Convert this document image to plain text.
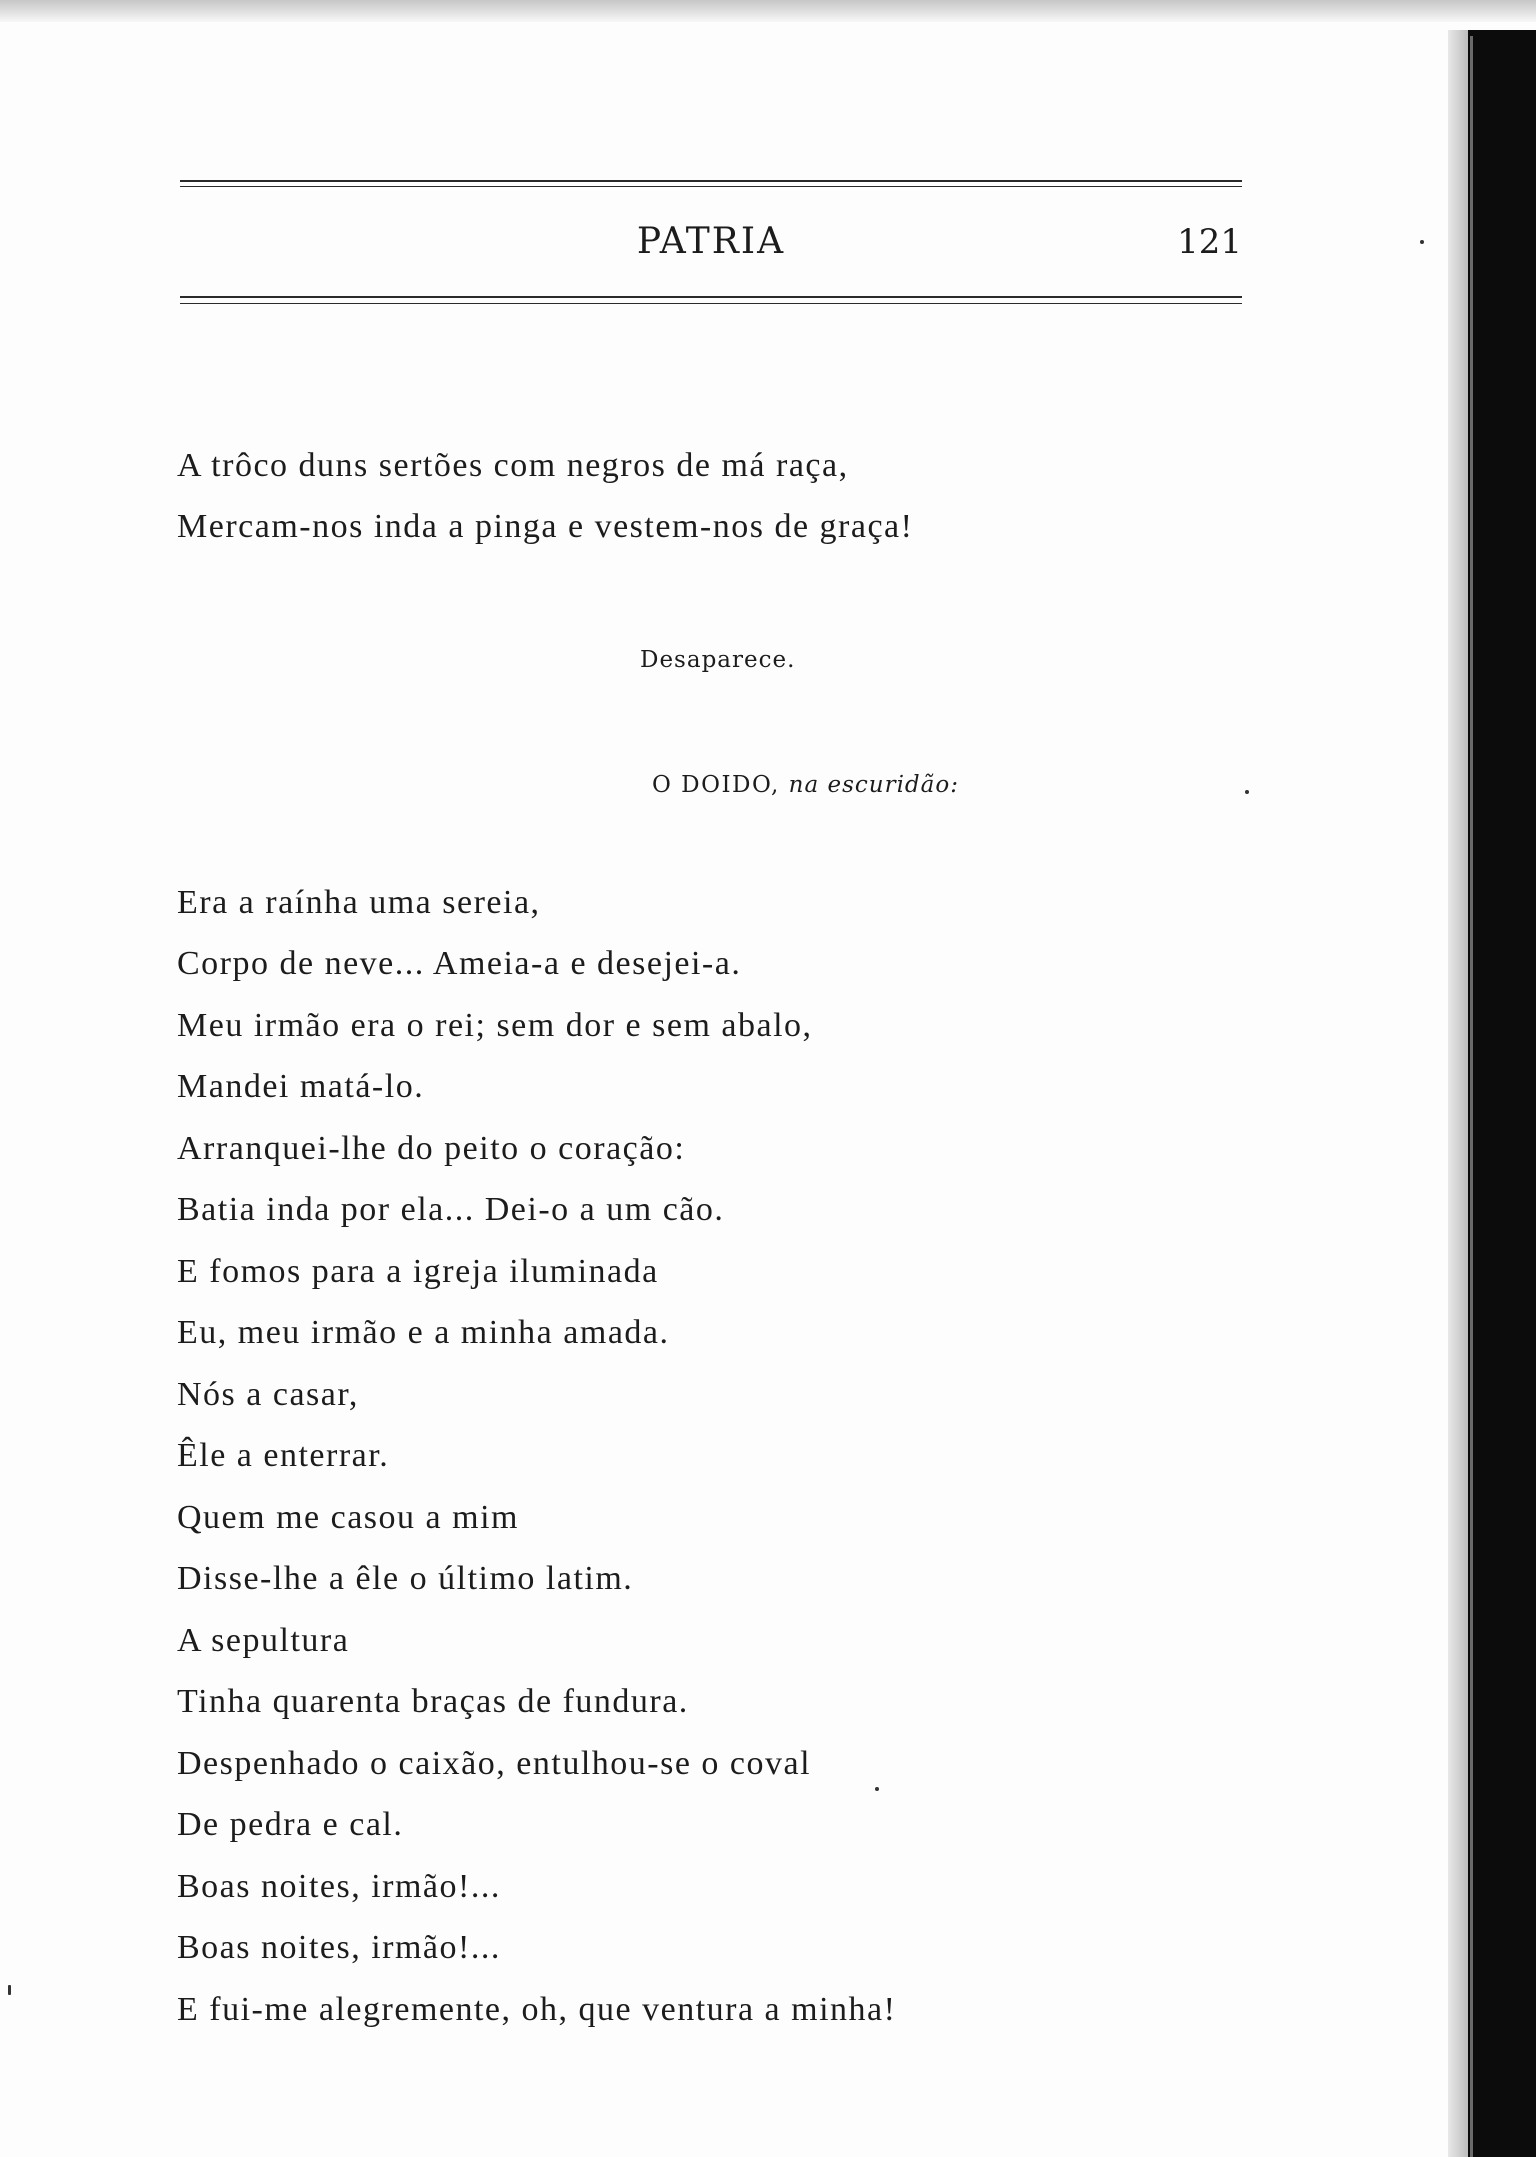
PATRIA	121
A trôco duns sertões com negros de má raça,
Mercam-nos inda a pinga e vestem-nos de graça!
Desaparece.
O DOIDO, na escuridão:
Era a raínha uma sereia,
Corpo de neve... Ameia-a e desejei-a.
Meu irmão era o rei; sem dor e sem abalo,
Mandei matá-lo.
Arranquei-lhe do peito o coração:
Batia inda por ela... Dei-o a um cão.
E fomos para a igreja iluminada
Eu, meu irmão e a minha amada.
Nós a casar,
Êle a enterrar.
Quem me casou a mim
Disse-lhe a êle o último latim.
A sepultura
Tinha quarenta braças de fundura.
Despenhado o caixão, entulhou-se o coval
De pedra e cal.
Boas noites, irmão!...
Boas noites, irmão!...
E fui-me alegremente, oh, que ventura a minha!
